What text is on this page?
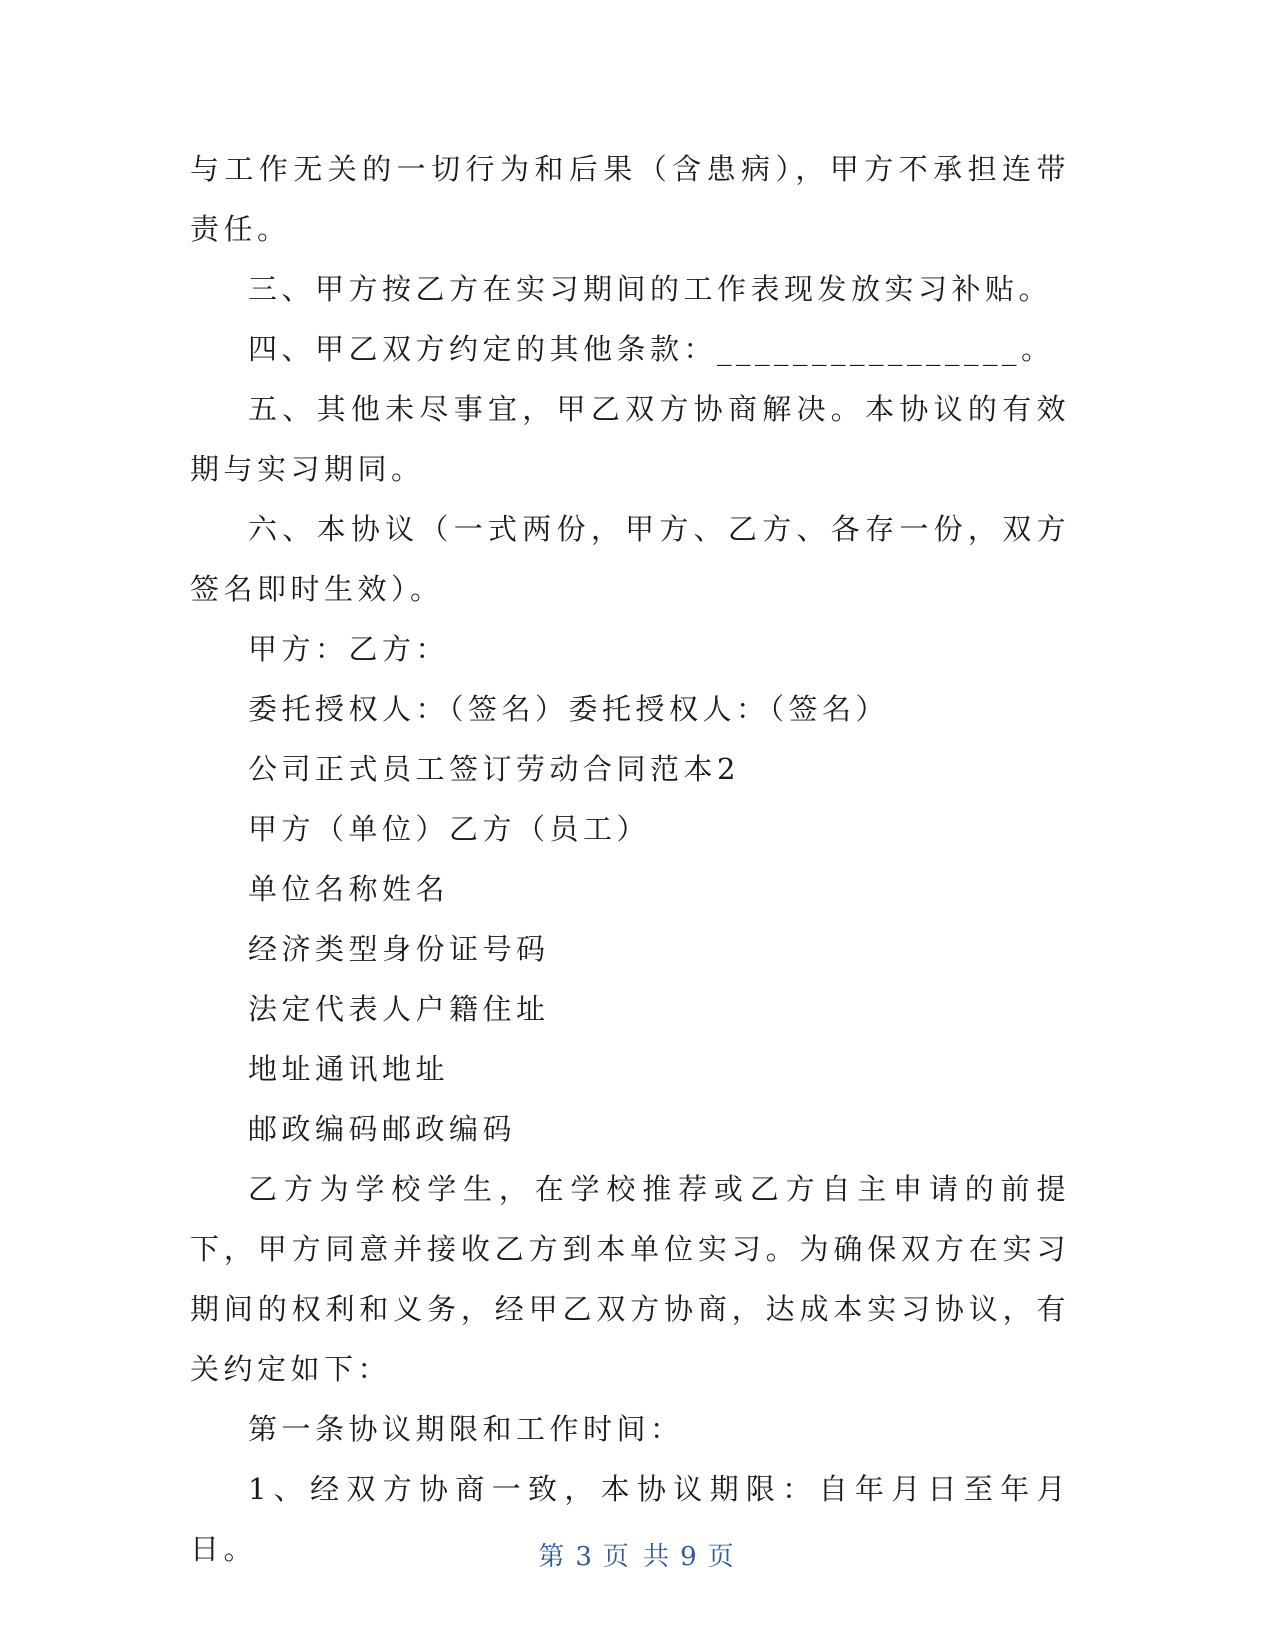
与工作无关的一切行为和后果（含患病），甲方不承担连带责任。

三、甲方按乙方在实习期间的工作表现发放实习补贴。

四、甲乙双方约定的其他条款：________________。

五、其他未尽事宜，甲乙双方协商解决。本协议的有效期与实习期同。

六、本协议（一式两份，甲方、乙方、各存一份，双方签名即时生效）。

甲方：乙方：

委托授权人：（签名）委托授权人：（签名）

公司正式员工签订劳动合同范本2

甲方（单位）乙方（员工）

单位名称姓名

经济类型身份证号码

法定代表人户籍住址

地址通讯地址

邮政编码邮政编码

乙方为学校学生，在学校推荐或乙方自主申请的前提下，甲方同意并接收乙方到本单位实习。为确保双方在实习期间的权利和义务，经甲乙双方协商，达成本实习协议，有关约定如下：

第一条协议期限和工作时间：

1、经双方协商一致，本协议期限：自年月日至年月日。	第 3 页 共 9 页
